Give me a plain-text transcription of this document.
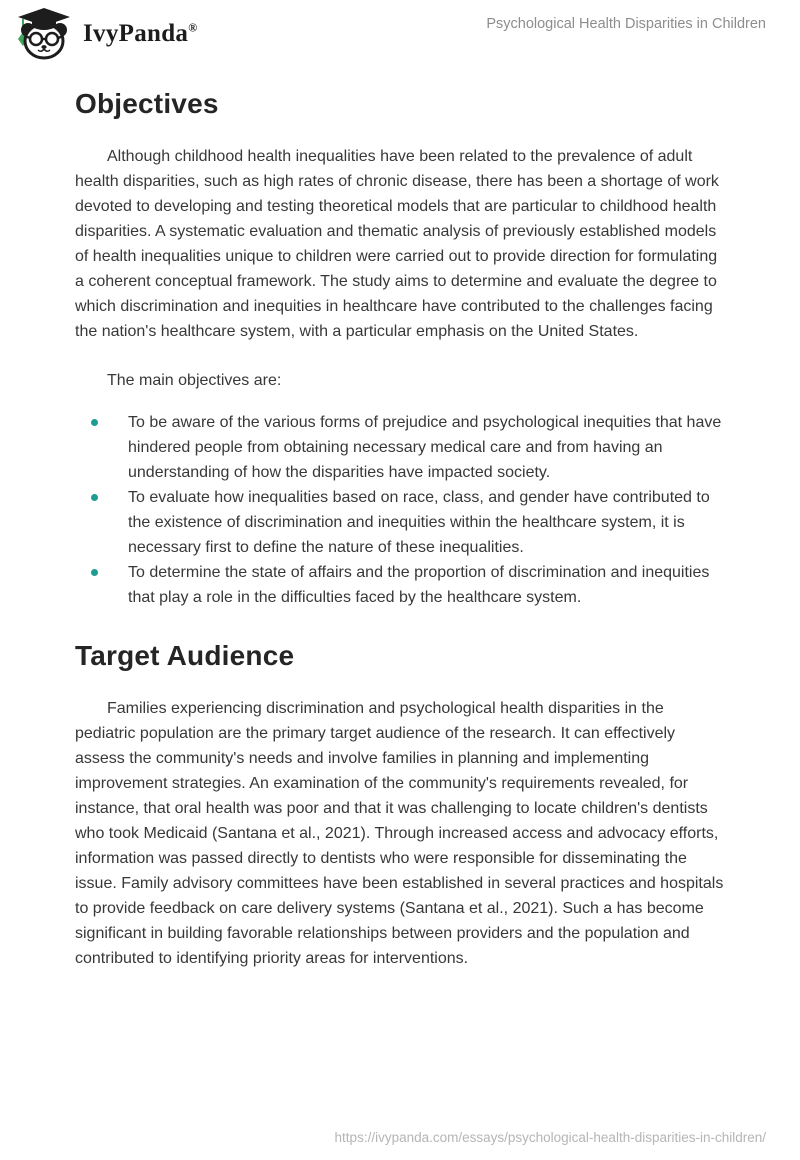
IvyPanda®	Psychological Health Disparities in Children
Objectives

Although childhood health inequalities have been related to the prevalence of adult health disparities, such as high rates of chronic disease, there has been a shortage of work devoted to developing and testing theoretical models that are particular to childhood health disparities. A systematic evaluation and thematic analysis of previously established models of health inequalities unique to children were carried out to provide direction for formulating a coherent conceptual framework. The study aims to determine and evaluate the degree to which discrimination and inequities in healthcare have contributed to the challenges facing the nation's healthcare system, with a particular emphasis on the United States.

The main objectives are:

To be aware of the various forms of prejudice and psychological inequities that have hindered people from obtaining necessary medical care and from having an understanding of how the disparities have impacted society.
To evaluate how inequalities based on race, class, and gender have contributed to the existence of discrimination and inequities within the healthcare system, it is necessary first to define the nature of these inequalities.
To determine the state of affairs and the proportion of discrimination and inequities that play a role in the difficulties faced by the healthcare system.
Target Audience

Families experiencing discrimination and psychological health disparities in the pediatric population are the primary target audience of the research. It can effectively assess the community's needs and involve families in planning and implementing improvement strategies. An examination of the community's requirements revealed, for instance, that oral health was poor and that it was challenging to locate children's dentists who took Medicaid (Santana et al., 2021). Through increased access and advocacy efforts, information was passed directly to dentists who were responsible for disseminating the issue. Family advisory committees have been established in several practices and hospitals to provide feedback on care delivery systems (Santana et al., 2021). Such a has become significant in building favorable relationships between providers and the population and contributed to identifying priority areas for interventions.

https://ivypanda.com/essays/psychological-health-disparities-in-children/
